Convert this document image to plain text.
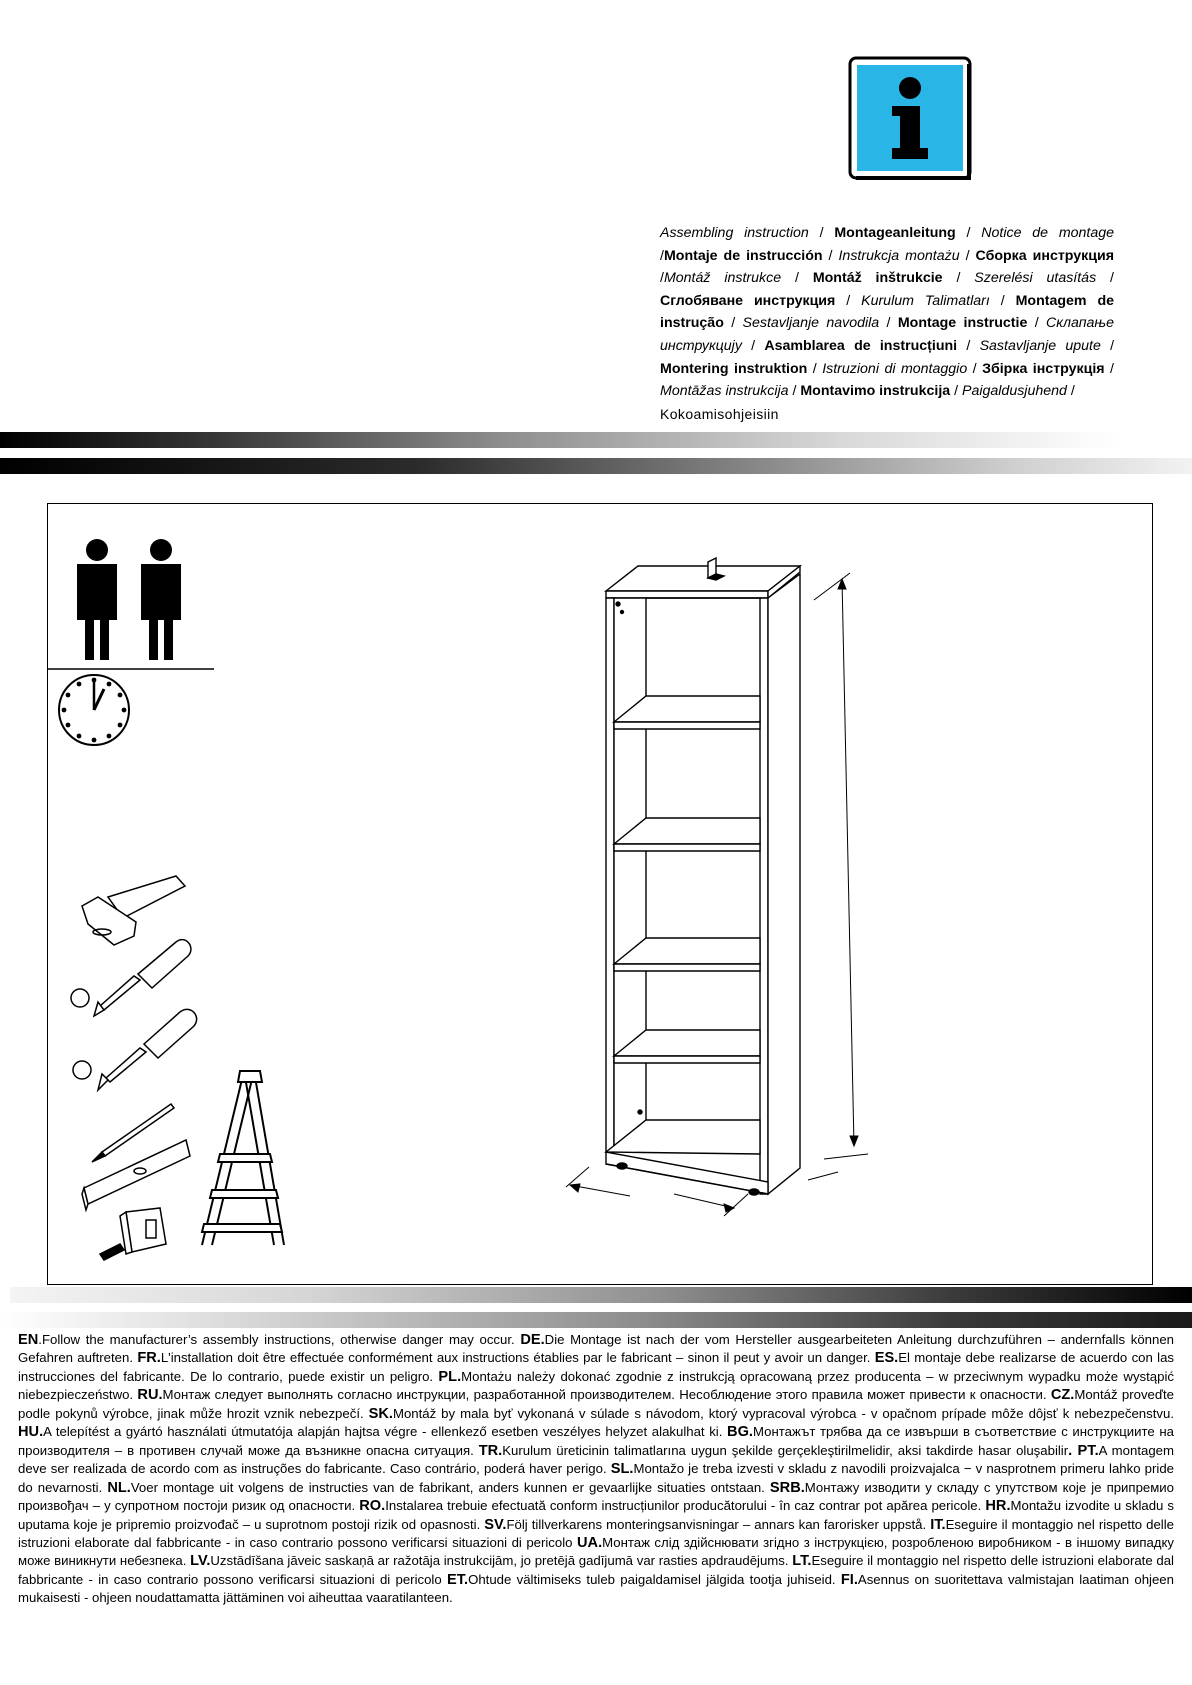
Assembling instruction / Montageanleitung / Notice de montage /Montaje de instrucción / Instrukcja montażu / Сборка инструкция /Montáž instrukce / Montáž inštrukcie / Szerelési utasítás /Сглобяване инструкция / Kurulum Talimatları / Montagem de instrução / Sestavljanje navodila / Montage instructie / Склапање инструкцију / Asamblarea de instrucțiuni / Sastavljanje upute / Montering instruktion / Istruzioni di montaggio / Збірка інструкція / Montāžas instrukcija / Montavimo instrukcija / Paigaldusjuhend /
Kokoamisohjeisiin
EN.Follow the manufacturer’s assembly instructions, otherwise danger may occur. DE.Die Montage ist nach der vom Hersteller ausgearbeiteten Anleitung durchzuführen – andernfalls können Gefahren auftreten. FR.L'installation doit être effectuée conformément aux instructions établies par le fabricant – sinon il peut y avoir un danger. ES.El montaje debe realizarse de acuerdo con las instrucciones del fabricante. De lo contrario, puede existir un peligro. PL.Montażu należy dokonać zgodnie z instrukcją opracowaną przez producenta – w przeciwnym wypadku może wystąpić niebezpieczeństwo. RU.Монтаж следует выполнять согласно инструкции, разработанной производителем. Несоблюдение этого правила может привести к опасности. CZ.Montáž proveďte podle pokynů výrobce, jinak může hrozit vznik nebezpečí. SK.Montáž by mala byť vykonaná v súlade s návodom, ktorý vypracoval výrobca - v opačnom prípade môže dôjsť k nebezpečenstvu. HU.A telepítést a gyártó használati útmutatója alapján hajtsa végre - ellenkező esetben veszélyes helyzet alakulhat ki. BG.Монтажът трябва да се извърши в съответствие с инструкциите на производителя – в противен случай може да възникне опасна ситуация. TR.Kurulum üreticinin talimatlarına uygun şekilde gerçekleştirilmelidir, aksi takdirde hasar oluşabilir. PT.A montagem deve ser realizada de acordo com as instruções do fabricante. Caso contrário, poderá haver perigo. SL.Montažo je treba izvesti v skladu z navodili proizvajalca − v nasprotnem primeru lahko pride do nevarnosti. NL.Voer montage uit volgens de instructies van de fabrikant, anders kunnen er gevaarlijke situaties ontstaan. SRB.Монтажу изводити у складу с упутством које је припремио произвођач – у супротном постоји ризик од опасности. RO.Instalarea trebuie efectuată conform instrucțiunilor producătorului - în caz contrar pot apărea pericole. HR.Montažu izvodite u skladu s uputama koje je pripremio proizvođač – u suprotnom postoji rizik od opasnosti. SV.Följ tillverkarens monteringsanvisningar – annars kan farorisker uppstå. IT.Eseguire il montaggio nel rispetto delle istruzioni elaborate dal fabbricante - in caso contrario possono verificarsi situazioni di pericolo UA.Монтаж слід здійснювати згідно з інструкцією, розробленою виробником - в іншому випадку може виникнути небезпека. LV.Uzstādīšana jāveic saskaņā ar ražotāja instrukcijām, jo pretējā gadījumā var rasties apdraudējums. LT.Eseguire il montaggio nel rispetto delle istruzioni elaborate dal fabbricante - in caso contrario possono verificarsi situazioni di pericolo ET.Ohtude vältimiseks tuleb paigaldamisel jälgida tootja juhiseid. FI.Asennus on suoritettava valmistajan laatiman ohjeen mukaisesti - ohjeen noudattamatta jättäminen voi aiheuttaa vaaratilanteen.
